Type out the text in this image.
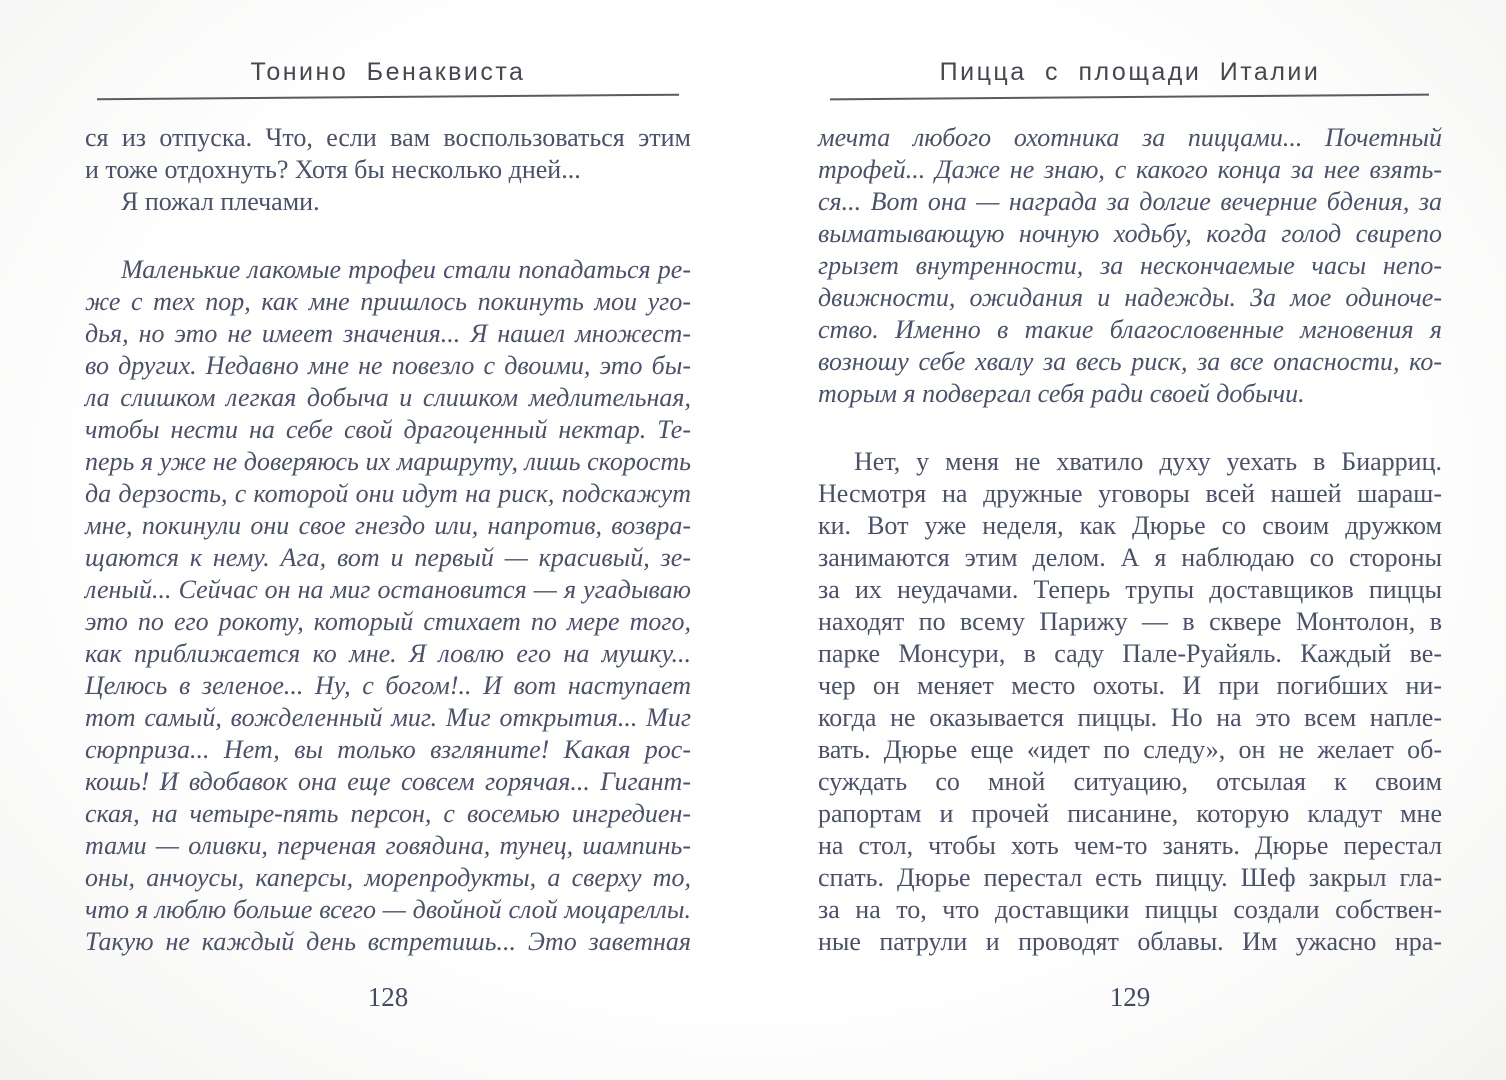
Тонино Бенаквиста
ся из отпуска. Что, если вам воспользоваться этим
и тоже отдохнуть? Хотя бы несколько дней...
Я пожал плечами.
Маленькие лакомые трофеи стали попадаться ре-
же с тех пор, как мне пришлось покинуть мои уго-
дья, но это не имеет значения... Я нашел множест-
во других. Недавно мне не повезло с двоими, это бы-
ла слишком легкая добыча и слишком медлительная,
чтобы нести на себе свой драгоценный нектар. Те-
перь я уже не доверяюсь их маршруту, лишь скорость
да дерзость, с которой они идут на риск, подскажут
мне, покинули они свое гнездо или, напротив, возвра-
щаются к нему. Ага, вот и первый — красивый, зе-
леный... Сейчас он на миг остановится — я угадываю
это по его рокоту, который стихает по мере того,
как приближается ко мне. Я ловлю его на мушку...
Целюсь в зеленое... Ну, с богом!.. И вот наступает
тот самый, вожделенный миг. Миг открытия... Миг
сюрприза... Нет, вы только взгляните! Какая рос-
кошь! И вдобавок она еще совсем горячая... Гигант-
ская, на четыре-пять персон, с восемью ингредиен-
тами — оливки, перченая говядина, тунец, шампинь-
оны, анчоусы, каперсы, морепродукты, а сверху то,
что я люблю больше всего — двойной слой моцареллы.
Такую не каждый день встретишь... Это заветная
128
Пицца с площади Италии
мечта любого охотника за пиццами... Почетный
трофей... Даже не знаю, с какого конца за нее взять-
ся... Вот она — награда за долгие вечерние бдения, за
выматывающую ночную ходьбу, когда голод свирепо
грызет внутренности, за нескончаемые часы непо-
движности, ожидания и надежды. За мое одиноче-
ство. Именно в такие благословенные мгновения я
возношу себе хвалу за весь риск, за все опасности, ко-
торым я подвергал себя ради своей добычи.
Нет, у меня не хватило духу уехать в Биарриц.
Несмотря на дружные уговоры всей нашей шараш-
ки. Вот уже неделя, как Дюрье со своим дружком
занимаются этим делом. А я наблюдаю со стороны
за их неудачами. Теперь трупы доставщиков пиццы
находят по всему Парижу — в сквере Монтолон, в
парке Монсури, в саду Пале-Руайяль. Каждый ве-
чер он меняет место охоты. И при погибших ни-
когда не оказывается пиццы. Но на это всем напле-
вать. Дюрье еще «идет по следу», он не желает об-
суждать со мной ситуацию, отсылая к своим
рапортам и прочей писанине, которую кладут мне
на стол, чтобы хоть чем-то занять. Дюрье перестал
спать. Дюрье перестал есть пиццу. Шеф закрыл гла-
за на то, что доставщики пиццы создали собствен-
ные патрули и проводят облавы. Им ужасно нра-
129
